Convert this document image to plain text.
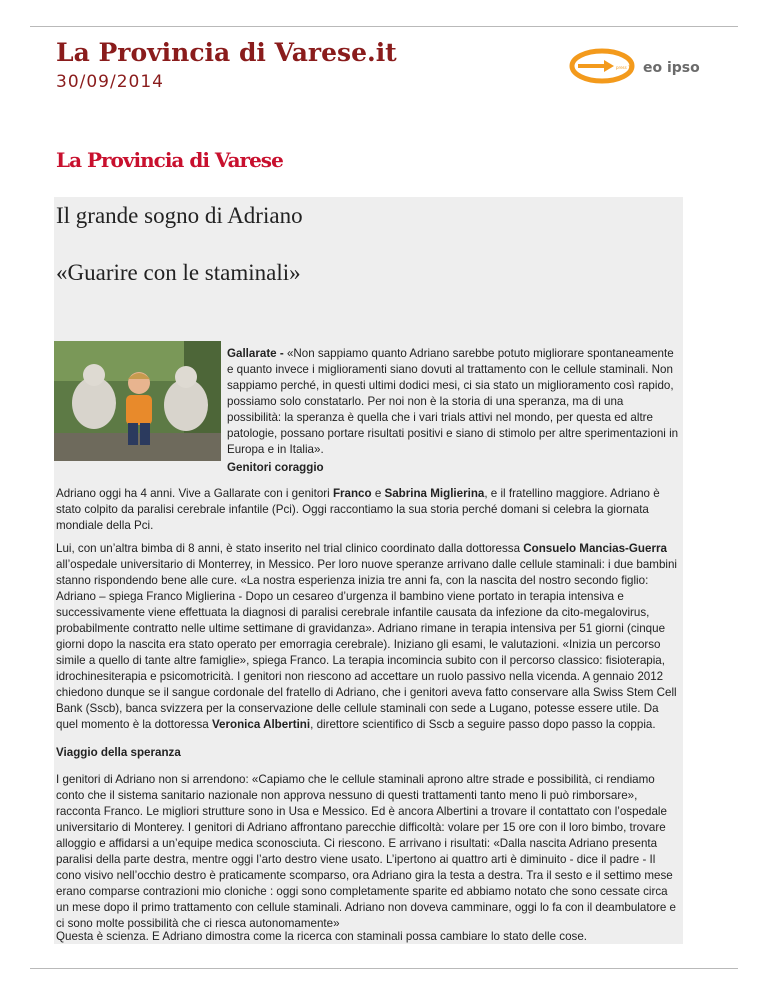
La Provincia di Varese.it
30/09/2014
press 19 eo ipso
La Provincia di Varese
Il grande sogno di Adriano
«Guarire con le staminali»

Gallarate - «Non sappiamo quanto Adriano sarebbe potuto migliorare spontaneamente e quanto invece i miglioramenti siano dovuti al trattamento con le cellule staminali. Non sappiamo perché, in questi ultimi dodici mesi, ci sia stato un miglioramento così rapido, possiamo solo constatarlo. Per noi non è la storia di una speranza, ma di una possibilità: la speranza è quella che i vari trials attivi nel mondo, per questa ed altre patologie, possano portare risultati positivi e siano di stimolo per altre sperimentazioni in Europa e in Italia».

Genitori coraggio

Adriano oggi ha 4 anni. Vive a Gallarate con i genitori Franco e Sabrina Miglierina, e il fratellino maggiore. Adriano è stato colpito da paralisi cerebrale infantile (Pci). Oggi raccontiamo la sua storia perché domani si celebra la giornata mondiale della Pci.

Lui, con un’altra bimba di 8 anni, è stato inserito nel trial clinico coordinato dalla dottoressa Consuelo Mancias-Guerra all’ospedale universitario di Monterrey, in Messico. Per loro nuove speranze arrivano dalle cellule staminali: i due bambini stanno rispondendo bene alle cure. «La nostra esperienza inizia tre anni fa, con la nascita del nostro secondo figlio: Adriano – spiega Franco Miglierina - Dopo un cesareo d’urgenza il bambino viene portato in terapia intensiva e successivamente viene effettuata la diagnosi di paralisi cerebrale infantile causata da infezione da cito-megalovirus, probabilmente contratto nelle ultime settimane di gravidanza». Adriano rimane in terapia intensiva per 51 giorni (cinque giorni dopo la nascita era stato operato per emorragia cerebrale). Iniziano gli esami, le valutazioni. «Inizia un percorso simile a quello di tante altre famiglie», spiega Franco. La terapia incomincia subito con il percorso classico: fisioterapia, idrochinesiterapia e psicomotricità. I genitori non riescono ad accettare un ruolo passivo nella vicenda. A gennaio 2012 chiedono dunque se il sangue cordonale del fratello di Adriano, che i genitori aveva fatto conservare alla Swiss Stem Cell Bank (Sscb), banca svizzera per la conservazione delle cellule staminali con sede a Lugano, potesse essere utile. Da quel momento è la dottoressa Veronica Albertini, direttore scientifico di Sscb a seguire passo dopo passo la coppia.

Viaggio della speranza

I genitori di Adriano non si arrendono: «Capiamo che le cellule staminali aprono altre strade e possibilità, ci rendiamo conto che il sistema sanitario nazionale non approva nessuno di questi trattamenti tanto meno li può rimborsare», racconta Franco. Le migliori strutture sono in Usa e Messico. Ed è ancora Albertini a trovare il contattato con l’ospedale universitario di Monterey. I genitori di Adriano affrontano parecchie difficoltà: volare per 15 ore con il loro bimbo, trovare alloggio e affidarsi a un’equipe medica sconosciuta. Ci riescono. E arrivano i risultati: «Dalla nascita Adriano presenta paralisi della parte destra, mentre oggi l’arto destro viene usato. L’ipertono ai quattro arti è diminuito - dice il padre - Il cono visivo nell’occhio destro è praticamente scomparso, ora Adriano gira la testa a destra. Tra il sesto e il settimo mese erano comparse contrazioni mio cloniche : oggi sono completamente sparite ed abbiamo notato che sono cessate circa un mese dopo il primo trattamento con cellule staminali. Adriano non doveva camminare, oggi lo fa con il deambulatore e ci sono molte possibilità che ci riesca autonomamente»

Questa è scienza. E Adriano dimostra come la ricerca con staminali possa cambiare lo stato delle cose.
